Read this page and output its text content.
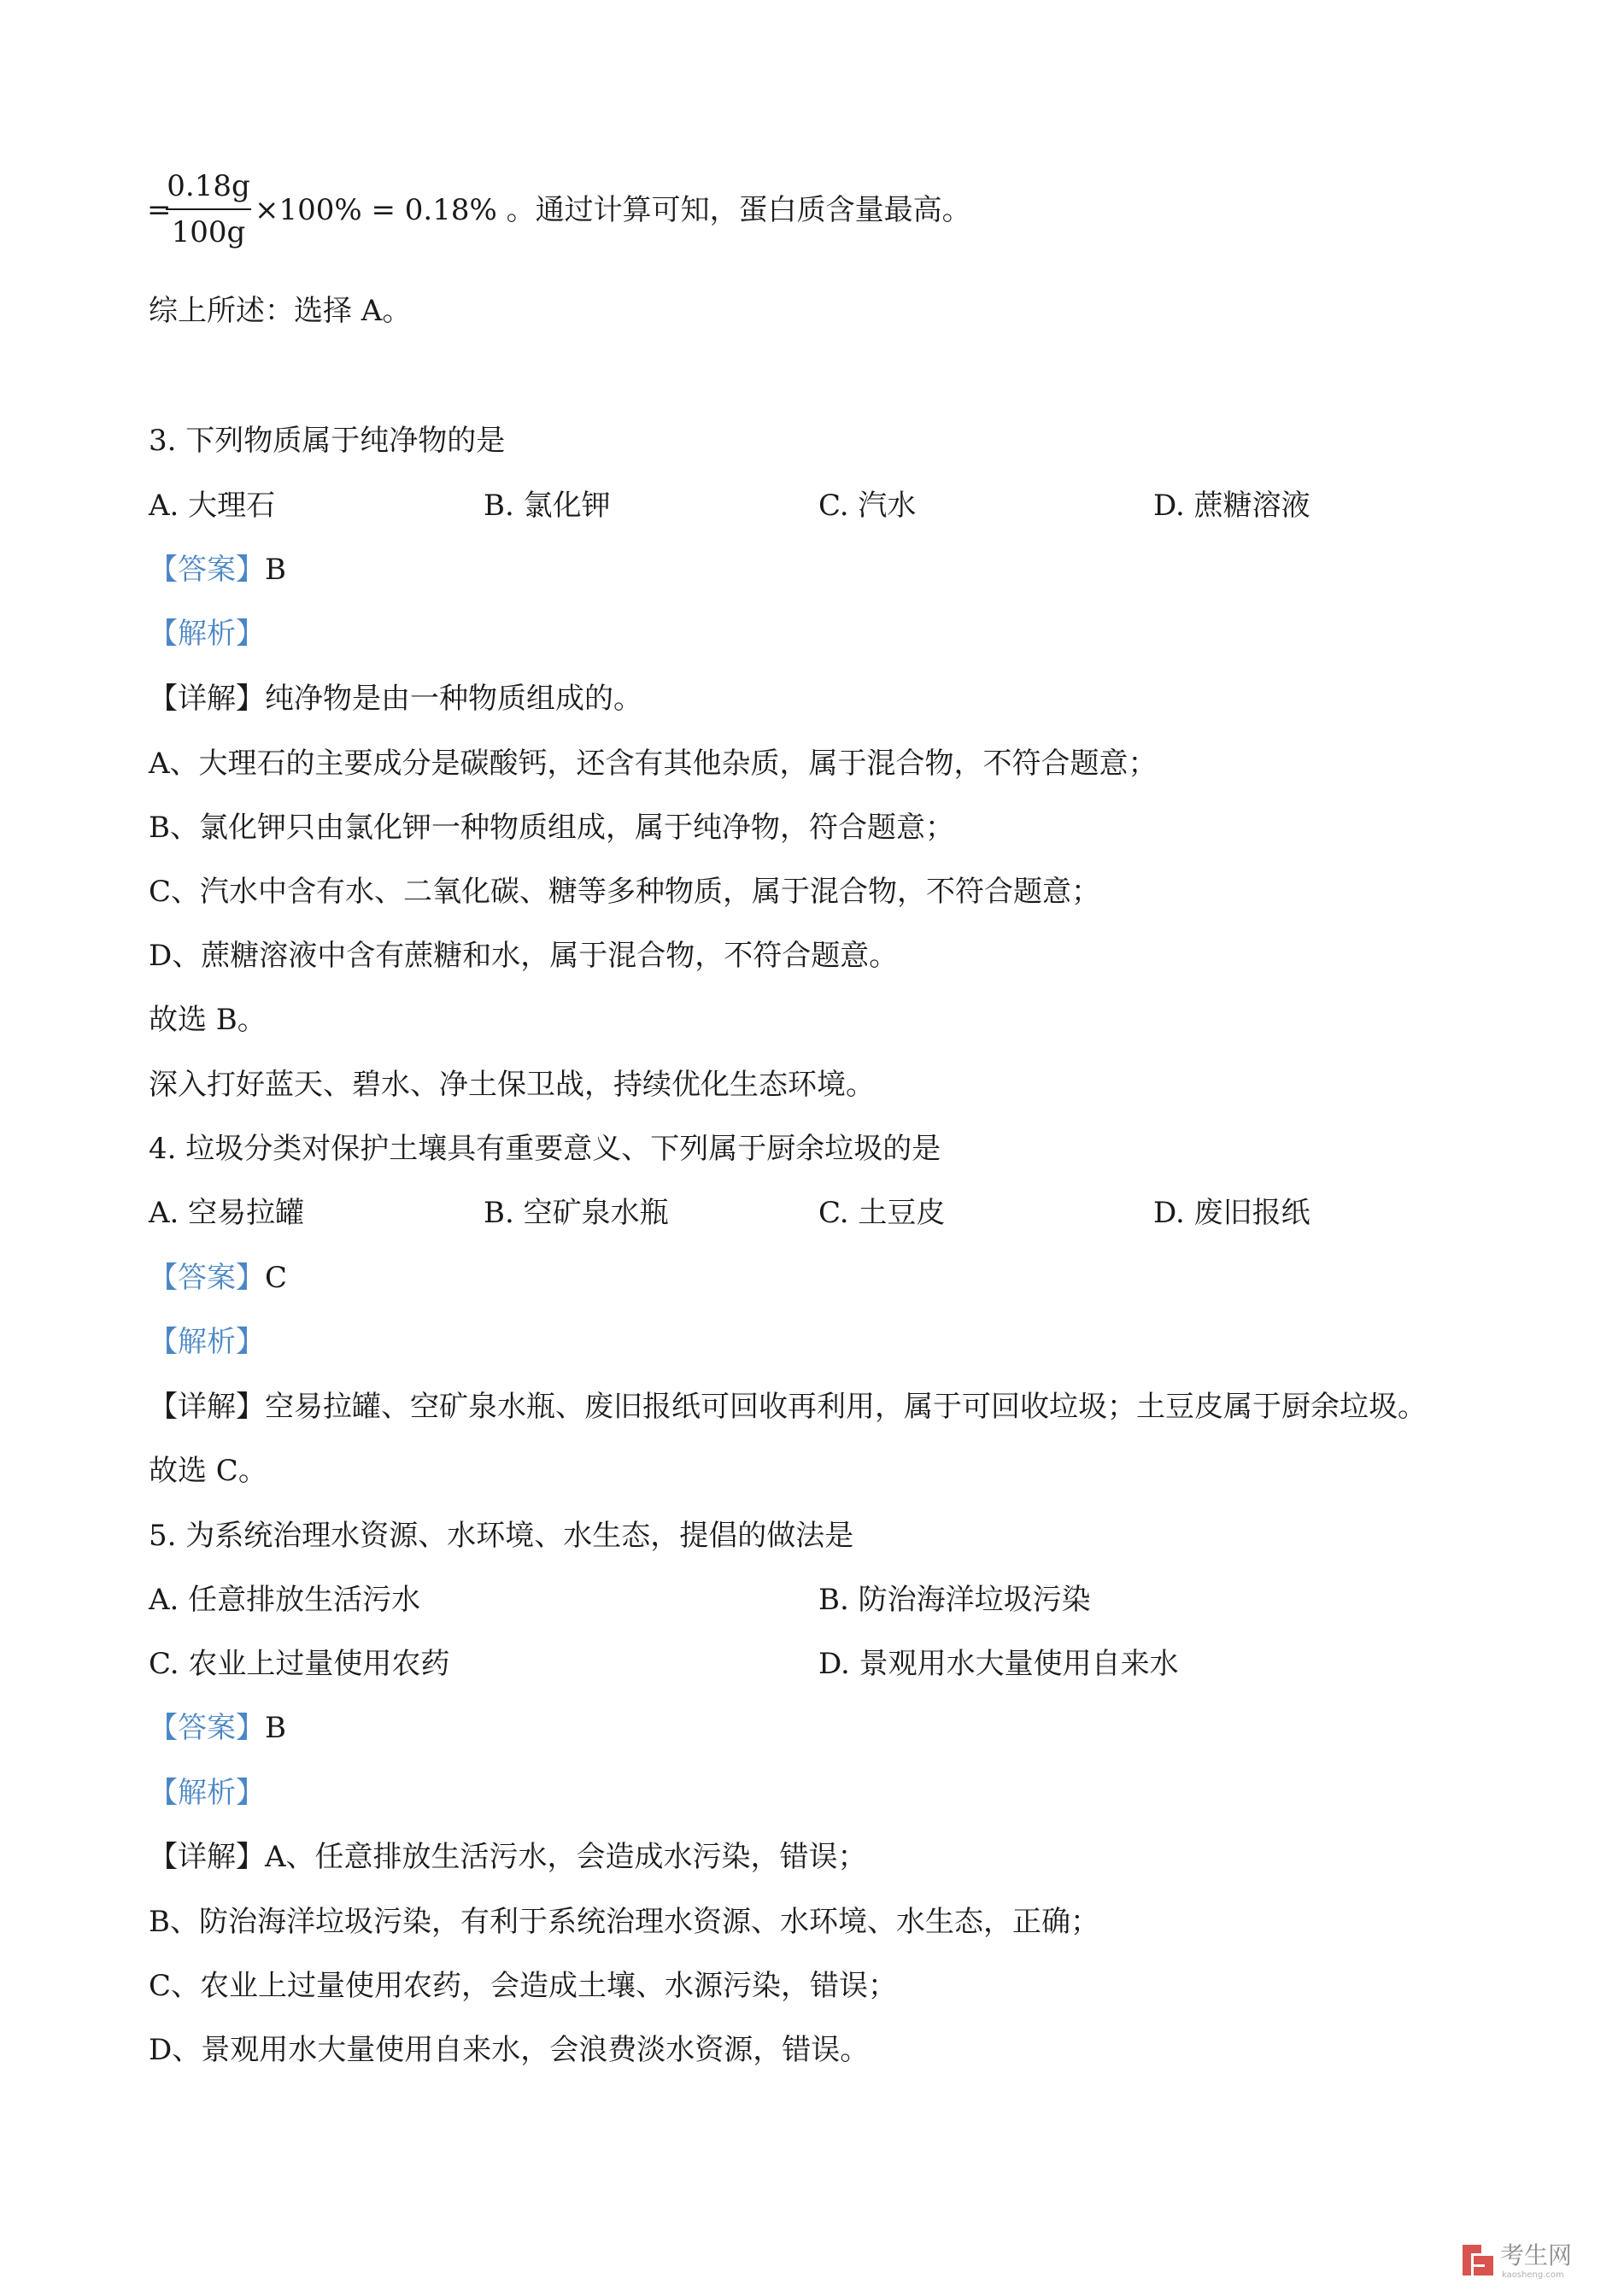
=
0.18g
100g
×100% = 0.18% 。通过计算可知，蛋白质含量最高。
综上所述：选择 A。
3. 下列物质属于纯净物的是
A. 大理石	B. 氯化钾	C. 汽水	D. 蔗糖溶液
【答案】B
【解析】
【详解】纯净物是由一种物质组成的。
A、大理石的主要成分是碳酸钙，还含有其他杂质，属于混合物，不符合题意；
B、氯化钾只由氯化钾一种物质组成，属于纯净物，符合题意；
C、汽水中含有水、二氧化碳、糖等多种物质，属于混合物，不符合题意；
D、蔗糖溶液中含有蔗糖和水，属于混合物，不符合题意。
故选 B。
深入打好蓝天、碧水、净土保卫战，持续优化生态环境。
4. 垃圾分类对保护土壤具有重要意义、下列属于厨余垃圾的是
A. 空易拉罐	B. 空矿泉水瓶	C. 土豆皮	D. 废旧报纸
【答案】C
【解析】
【详解】空易拉罐、空矿泉水瓶、废旧报纸可回收再利用，属于可回收垃圾；土豆皮属于厨余垃圾。
故选 C。
5. 为系统治理水资源、水环境、水生态，提倡的做法是
A. 任意排放生活污水	B. 防治海洋垃圾污染
C. 农业上过量使用农药	D. 景观用水大量使用自来水
【答案】B
【解析】
【详解】A、任意排放生活污水，会造成水污染，错误；
B、防治海洋垃圾污染，有利于系统治理水资源、水环境、水生态，正确；
C、农业上过量使用农药，会造成土壤、水源污染，错误；
D、景观用水大量使用自来水，会浪费淡水资源，错误。
考生网
kaosheng.com
